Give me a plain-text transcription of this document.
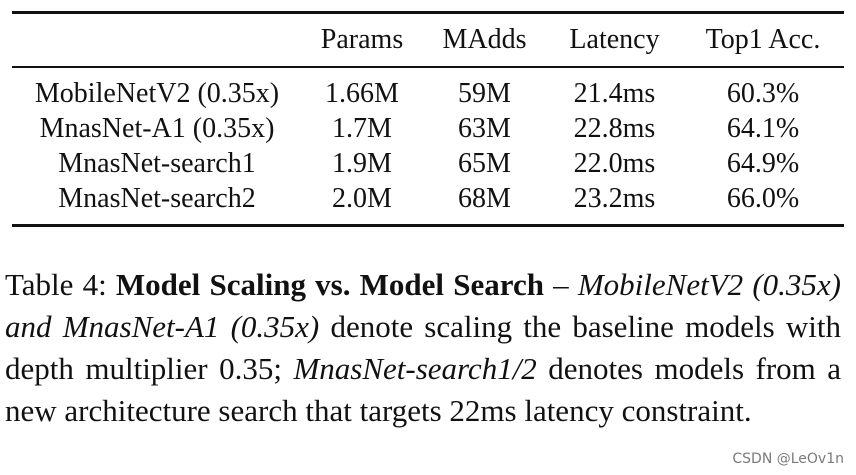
	Params	MAdds	Latency	Top1 Acc.
MobileNetV2 (0.35x)	1.66M	59M	21.4ms	60.3%
MnasNet-A1 (0.35x)	1.7M	63M	22.8ms	64.1%
MnasNet-search1	1.9M	65M	22.0ms	64.9%
MnasNet-search2	2.0M	68M	23.2ms	66.0%
Table 4: Model Scaling vs. Model Search – MobileNetV2 (0.35x) and MnasNet-A1 (0.35x) denote scaling the baseline models with depth multiplier 0.35; MnasNet-search1/2 denotes models from a new architecture search that targets 22ms latency constraint.
CSDN @LeOv1n
